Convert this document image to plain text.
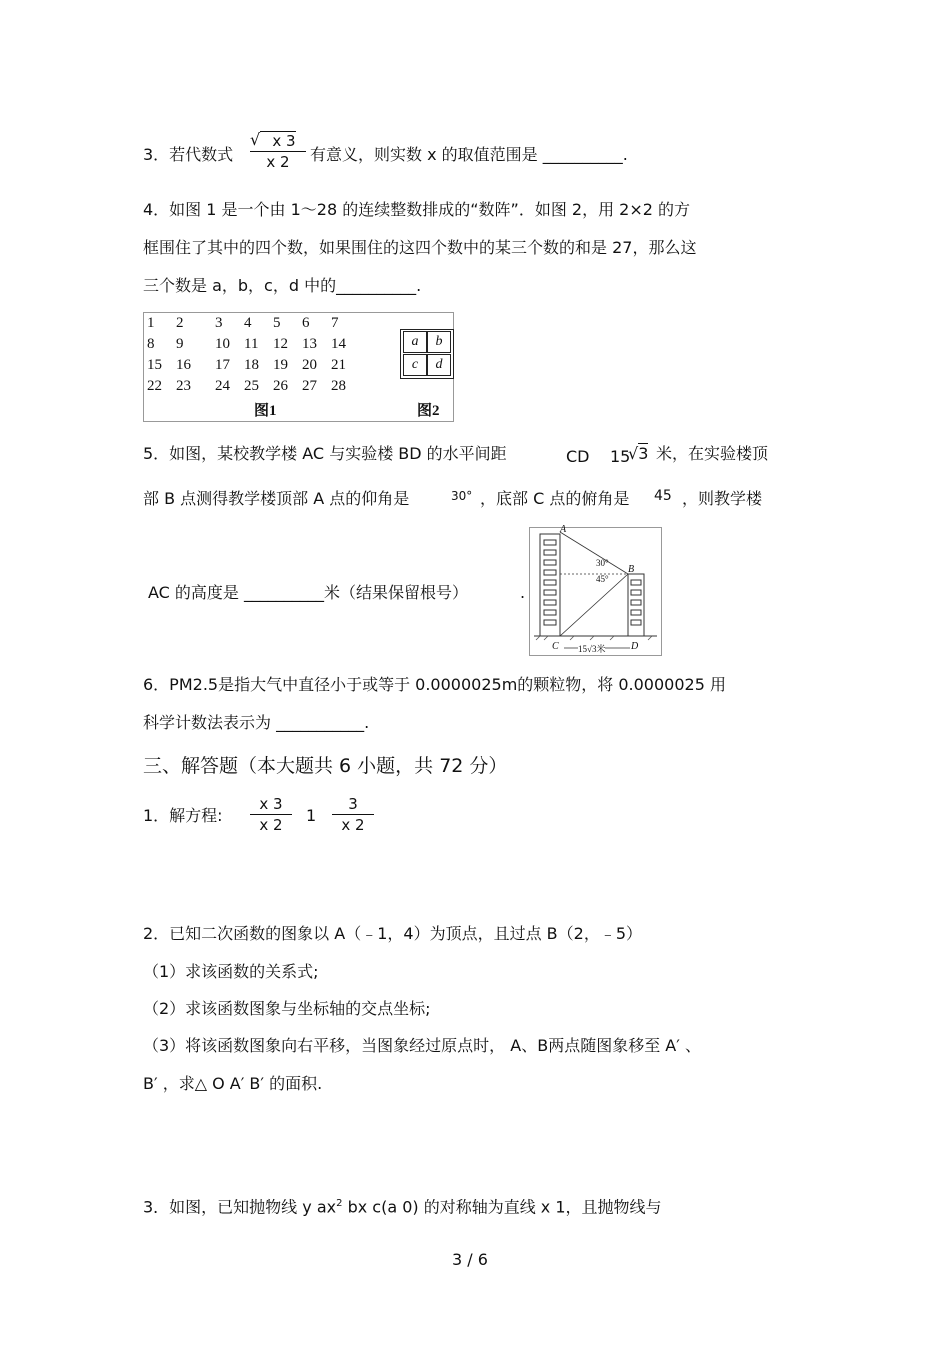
3．若代数式
√ x 3
x 2	有意义，则实数 x 的取值范围是 __________.
4．如图 1 是一个由 1～28 的连续整数排成的“数阵”．如图 2，用 2×2 的方
框围住了其中的四个数，如果围住的这四个数中的某三个数的和是 27，那么这
三个数是 a，b，c，d 中的__________.
1 2 3 4 5 6 7
8 9 10 11 12 13 14
15 16 17 18 19 20 21
22 23 24 25 26 27 28
图1	图2
a	b
c	d
5．如图，某校教学楼 AC 与实验楼 BD 的水平间距	CD 15
√3 米，在实验楼顶
部 B 点测得教学楼顶部 A 点的仰角是	30° ，底部 C 点的俯角是 45 ，则教学楼
AC 的高度是 __________米（结果保留根号）	.
A
B
C	D
30°
45°
15√3米
6．PM2.5是指大气中直径小于或等于 0.0000025m的颗粒物，将 0.0000025 用
科学计数法表示为 ___________.
三、解答题（本大题共 6 小题，共 72 分）
1．解方程:
x 3
x 2	1
3
x 2
2．已知二次函数的图象以 A（﹣1，4）为顶点，且过点 B（2，﹣5）
（1）求该函数的关系式;
（2）求该函数图象与坐标轴的交点坐标;
（3）将该函数图象向右平移，当图象经过原点时， A、B两点随图象移至 A′ 、
B′ ，求△ O A′ B′ 的面积.
3．如图，已知抛物线 y $ax^2$ bx c(a 0) 的对称轴为直线 x 1，且抛物线与
3 / 6
